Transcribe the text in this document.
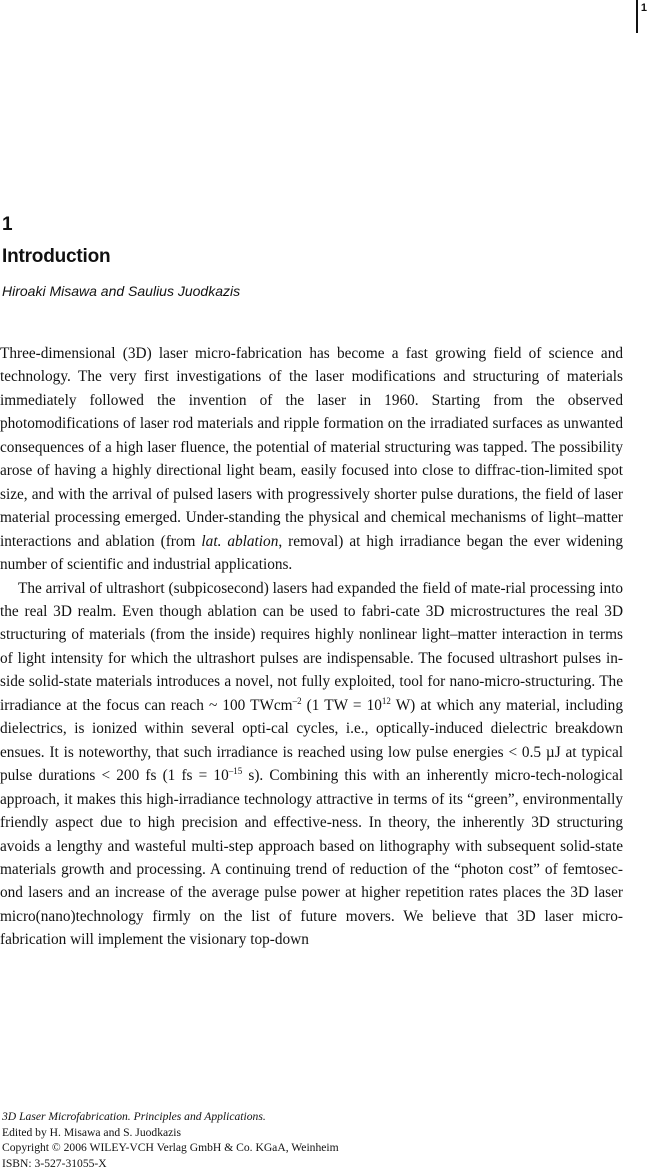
1
1
Introduction
Hiroaki Misawa and Saulius Juodkazis

Three-dimensional (3D) laser micro-fabrication has become a fast growing field of science and technology. The very first investigations of the laser modifications and structuring of materials immediately followed the invention of the laser in 1960. Starting from the observed photomodifications of laser rod materials and ripple formation on the irradiated surfaces as unwanted consequences of a high laser fluence, the potential of material structuring was tapped. The possibility arose of having a highly directional light beam, easily focused into close to diffrac-tion-limited spot size, and with the arrival of pulsed lasers with progressively shorter pulse durations, the field of laser material processing emerged. Under-standing the physical and chemical mechanisms of light–matter interactions and ablation (from lat. ablation, removal) at high irradiance began the ever widening number of scientific and industrial applications.

The arrival of ultrashort (subpicosecond) lasers had expanded the field of mate-rial processing into the real 3D realm. Even though ablation can be used to fabri-cate 3D microstructures the real 3D structuring of materials (from the inside) requires highly nonlinear light–matter interaction in terms of light intensity for which the ultrashort pulses are indispensable. The focused ultrashort pulses in-side solid-state materials introduces a novel, not fully exploited, tool for nano-micro-structuring. The irradiance at the focus can reach ~ 100 TWcm$^{-2}$ (1 TW = $10^{12}$ W) at which any material, including dielectrics, is ionized within several opti-cal cycles, i.e., optically-induced dielectric breakdown ensues. It is noteworthy, that such irradiance is reached using low pulse energies < 0.5 µJ at typical pulse durations < 200 fs (1 fs = $10^{-15}$ s). Combining this with an inherently micro-tech-nological approach, it makes this high-irradiance technology attractive in terms of its “green”, environmentally friendly aspect due to high precision and effective-ness. In theory, the inherently 3D structuring avoids a lengthy and wasteful multi-step approach based on lithography with subsequent solid-state materials growth and processing. A continuing trend of reduction of the “photon cost” of femtosec-ond lasers and an increase of the average pulse power at higher repetition rates places the 3D laser micro(nano)technology firmly on the list of future movers. We believe that 3D laser micro-fabrication will implement the visionary top-down

3D Laser Microfabrication. Principles and Applications.
Edited by H. Misawa and S. Juodkazis
Copyright © 2006 WILEY-VCH Verlag GmbH & Co. KGaA, Weinheim
ISBN: 3-527-31055-X
